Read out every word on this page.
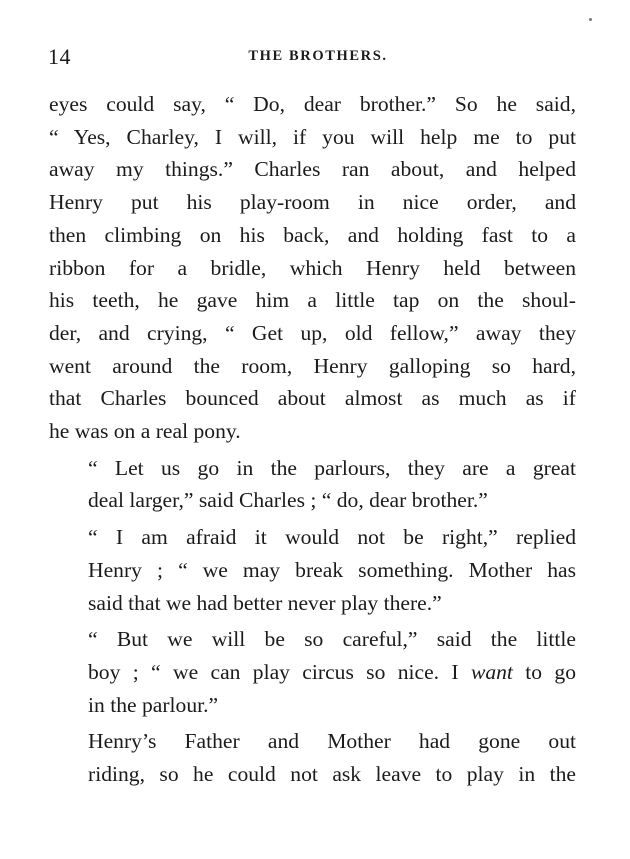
14	THE BROTHERS.

eyes could say, “ Do, dear brother.” So he said,
“ Yes, Charley, I will, if you will help me to put
away my things.” Charles ran about, and helped
Henry put his play-room in nice order, and
then climbing on his back, and holding fast to a
ribbon for a bridle, which Henry held between
his teeth, he gave him a little tap on the shoul-
der, and crying, “ Get up, old fellow,” away they
went around the room, Henry galloping so hard,
that Charles bounced about almost as much as if
he was on a real pony.

“ Let us go in the parlours, they are a great
deal larger,” said Charles ; “ do, dear brother.”

“ I am afraid it would not be right,” replied
Henry ; “ we may break something. Mother has
said that we had better never play there.”

“ But we will be so careful,” said the little
boy ; “ we can play circus so nice. I want to go
in the parlour.”

Henry’s Father and Mother had gone out
riding, so he could not ask leave to play in the
